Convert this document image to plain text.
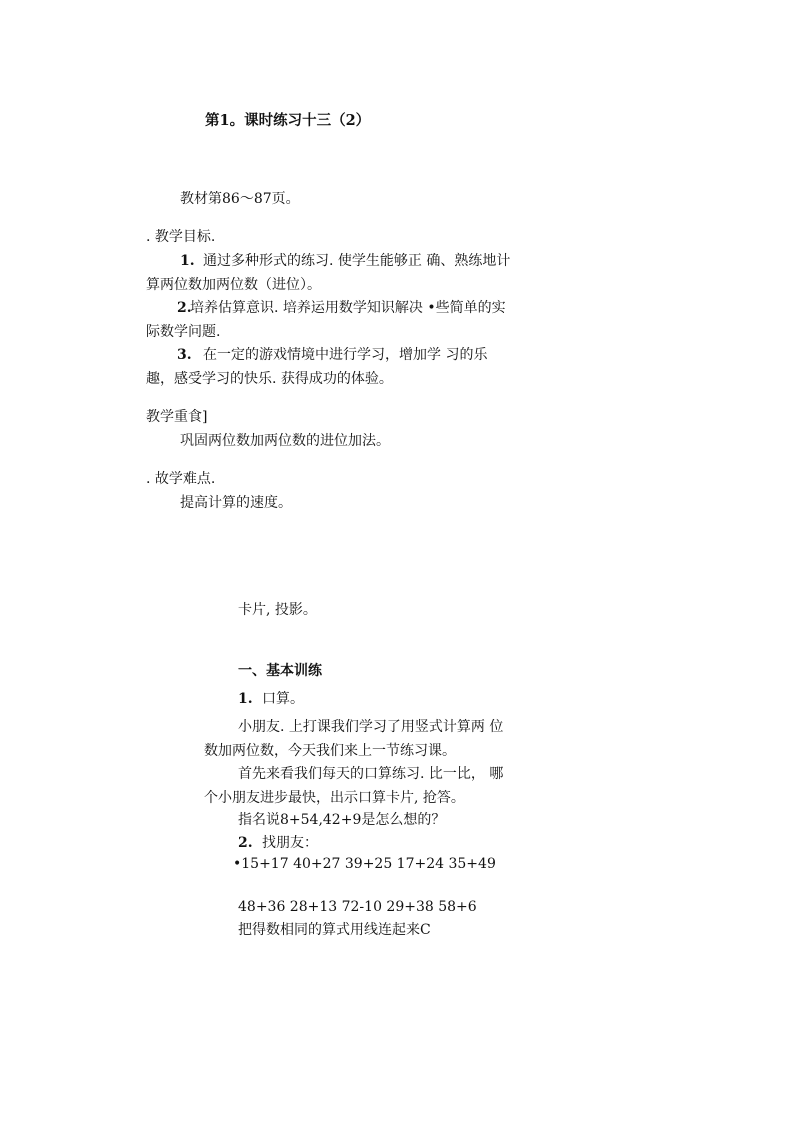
第1。课时练习十三（2）
教材第86～87页。
. 教学目标.
1. 通过多种形式的练习. 使学生能够正 确、熟练地计
算两位数加两位数（进位）。
2.
培养估算意识. 培养运用数学知识解决 •些简单的实
际数学问题.
3. 在一定的游戏情境中进行学习，增加学 习的乐
趣，感受学习的快乐. 获得成功的体验。
教学重食]
巩固两位数加两位数的进位加法。
. 故学难点.
提高计算的速度。
卡片, 投影。
一、基本训练
1. 口算。
小朋友. 上打课我们学习了用竖式计算两 位
数加两位数，今天我们来上一节练习课。
首先来看我们每天的口算练习. 比一比， 哪
个小朋友进步最快，出示口算卡片, 抢答。
指名说8+54,42+9是怎么想的？
2. 找朋友：
•15+17 40+27 39+25 17+24 35+49
48+36 28+13 72-10 29+38 58+6
把得数相同的算式用线连起来C
